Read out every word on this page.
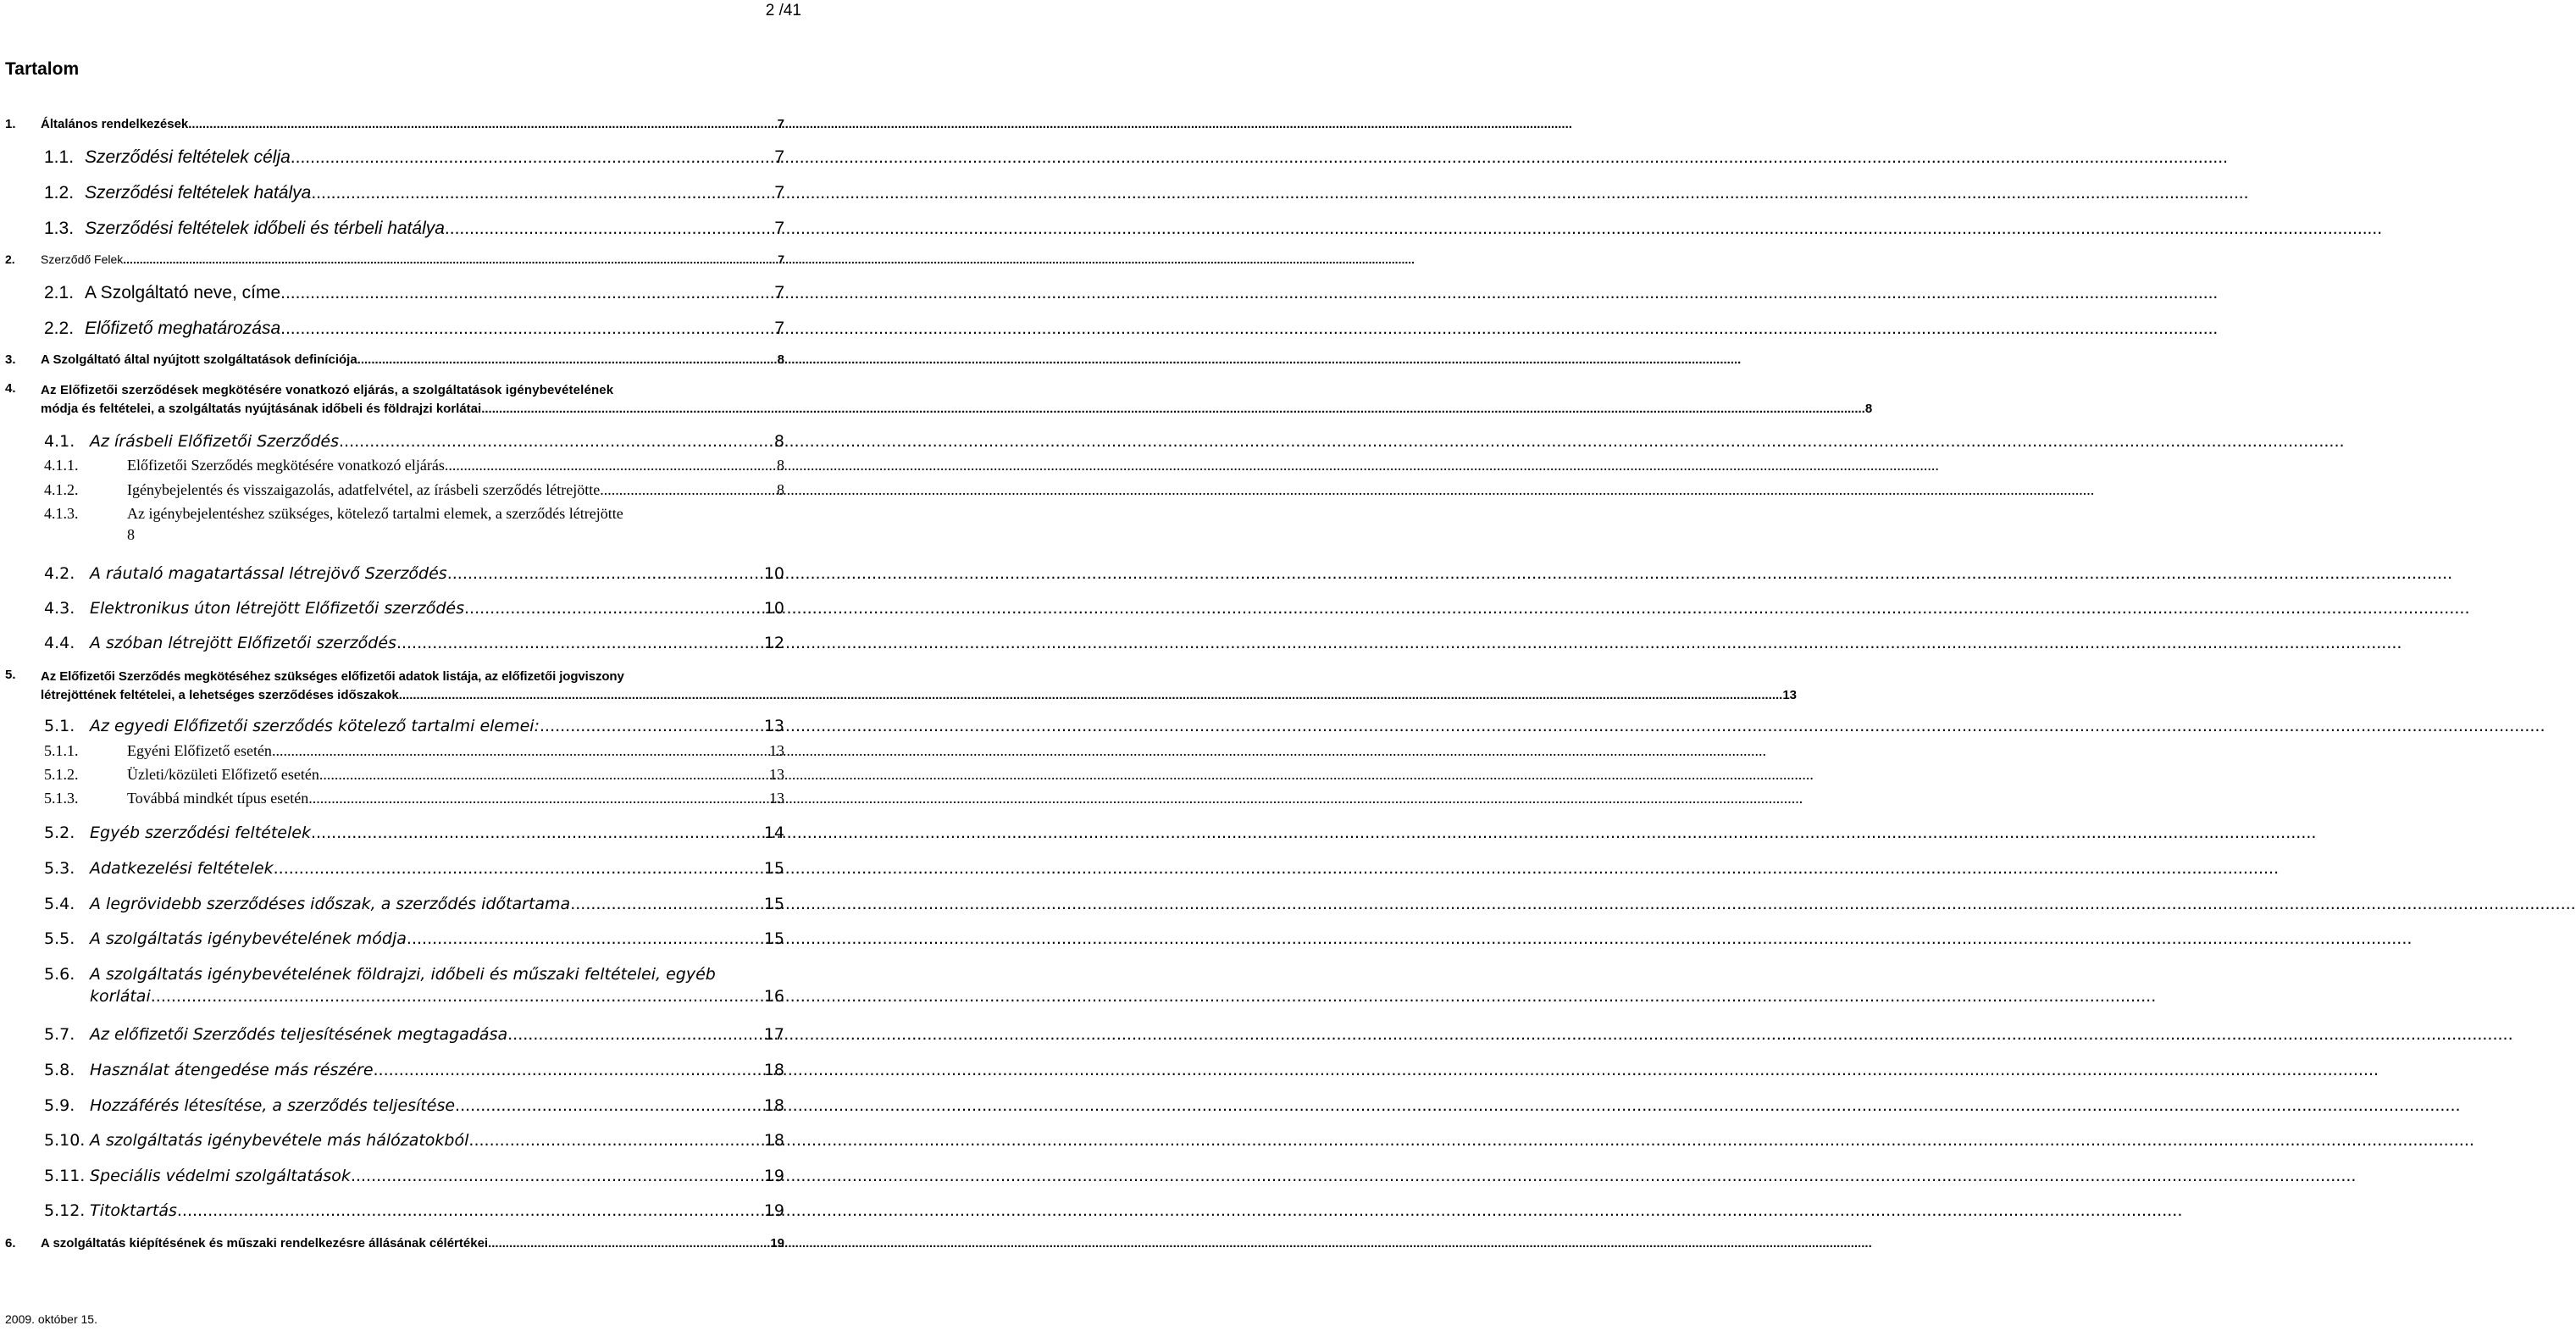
2 /41
Tartalom
1.	Általános rendelkezések .....	7
1.1. Szerződési feltételek célja .....	7
1.2. Szerződési feltételek hatálya .....	7
1.3. Szerződési feltételek időbeli és térbeli hatálya .....	7
2.	Szerződő Felek .....	7
2.1. A Szolgáltató neve, címe .....	7
2.2. Előfizető meghatározása .....	7
3.	A Szolgáltató által nyújtott szolgáltatások definíciója .....	8
4. Az Előfizetői szerződések megkötésére vonatkozó eljárás, a szolgáltatások igénybevételének
módja és feltételei, a szolgáltatás nyújtásának időbeli és földrajzi korlátai .....	8
4.1. Az írásbeli Előfizetői Szerződés .....	8
4.1.1.	Előfizetői Szerződés megkötésére vonatkozó eljárás .....	8
4.1.2.	Igénybejelentés és visszaigazolás, adatfelvétel, az írásbeli szerződés létrejötte .....	8
4.1.3.	Az igénybejelentéshez szükséges, kötelező tartalmi elemek, a szerződés létrejötte
8
4.2. A ráutaló magatartással létrejövő Szerződés .....	10
4.3. Elektronikus úton létrejött Előfizetői szerződés .....	10
4.4. A szóban létrejött Előfizetői szerződés .....	12
5. Az Előfizetői Szerződés megkötéséhez szükséges előfizetői adatok listája, az előfizetői jogviszony
létrejöttének feltételei, a lehetséges szerződéses időszakok .....	13
5.1. Az egyedi Előfizetői szerződés kötelező tartalmi elemei: .....	13
5.1.1.	Egyéni Előfizető esetén .....	13
5.1.2.	Üzleti/közületi Előfizető esetén .....	13
5.1.3.	Továbbá mindkét típus esetén .....	13
5.2. Egyéb szerződési feltételek .....	14
5.3. Adatkezelési feltételek .....	15
5.4. A legrövidebb szerződéses időszak, a szerződés időtartama .....	15
5.5. A szolgáltatás igénybevételének módja .....	15
5.6. A szolgáltatás igénybevételének földrajzi, időbeli és műszaki feltételei, egyéb
korlátai .....	16
5.7. Az előfizetői Szerződés teljesítésének megtagadása .....	17
5.8. Használat átengedése más részére .....	18
5.9. Hozzáférés létesítése, a szerződés teljesítése .....	18
5.10. A szolgáltatás igénybevétele más hálózatokból .....	18
5.11. Speciális védelmi szolgáltatások .....	19
5.12. Titoktartás .....	19
6.	A szolgáltatás kiépítésének és műszaki rendelkezésre állásának célértékei .....	19
2009. október 15.
